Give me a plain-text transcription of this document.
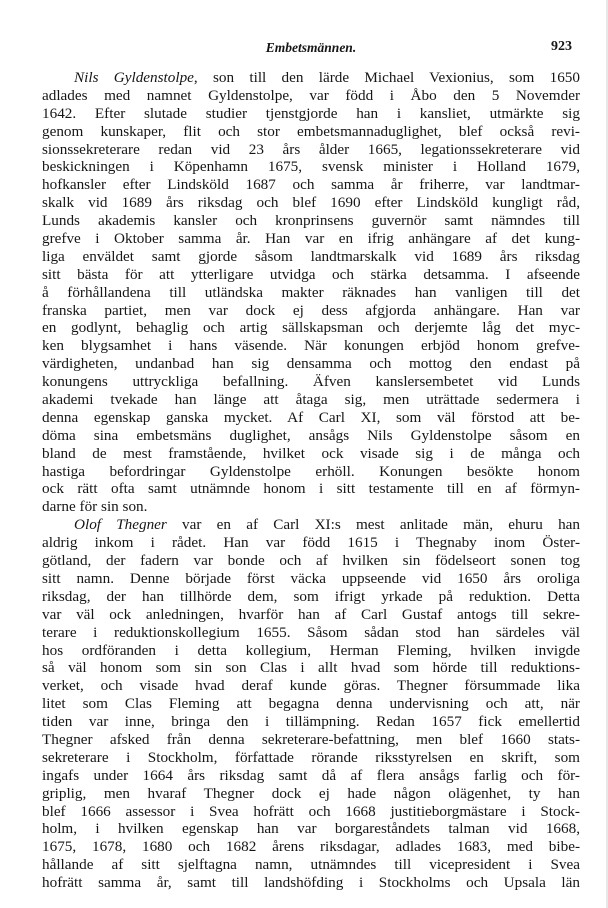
Embetsmännen.	923
Nils Gyldenstolpe, son till den lärde Michael Vexionius, som 1650
adlades med namnet Gyldenstolpe, var född i Åbo den 5 Novemder
1642. Efter slutade studier tjenstgjorde han i kansliet, utmärkte sig
genom kunskaper, flit och stor embetsmannaduglighet, blef också revi-
sionssekreterare redan vid 23 års ålder 1665, legationssekreterare vid
beskickningen i Köpenhamn 1675, svensk minister i Holland 1679,
hofkansler efter Lindsköld 1687 och samma år friherre, var landtmar-
skalk vid 1689 års riksdag och blef 1690 efter Lindsköld kungligt råd,
Lunds akademis kansler och kronprinsens guvernör samt nämndes till
grefve i Oktober samma år. Han var en ifrig anhängare af det kung-
liga enväldet samt gjorde såsom landtmarskalk vid 1689 års riksdag
sitt bästa för att ytterligare utvidga och stärka detsamma. I afseende
å förhållandena till utländska makter räknades han vanligen till det
franska partiet, men var dock ej dess afgjorda anhängare. Han var
en godlynt, behaglig och artig sällskapsman och derjemte låg det myc-
ken blygsamhet i hans väsende. När konungen erbjöd honom grefve-
värdigheten, undanbad han sig densamma och mottog den endast på
konungens uttryckliga befallning. Äfven kanslersembetet vid Lunds
akademi tvekade han länge att åtaga sig, men uträttade sedermera i
denna egenskap ganska mycket. Af Carl XI, som väl förstod att be-
döma sina embetsmäns duglighet, ansågs Nils Gyldenstolpe såsom en
bland de mest framstående, hvilket ock visade sig i de många och
hastiga befordringar Gyldenstolpe erhöll. Konungen besökte honom
ock rätt ofta samt utnämnde honom i sitt testamente till en af förmyn-
darne för sin son.
Olof Thegner var en af Carl XI:s mest anlitade män, ehuru han
aldrig inkom i rådet. Han var född 1615 i Thegnaby inom Öster-
götland, der fadern var bonde och af hvilken sin födelseort sonen tog
sitt namn. Denne började först väcka uppseende vid 1650 års oroliga
riksdag, der han tillhörde dem, som ifrigt yrkade på reduktion. Detta
var väl ock anledningen, hvarför han af Carl Gustaf antogs till sekre-
terare i reduktionskollegium 1655. Såsom sådan stod han särdeles väl
hos ordföranden i detta kollegium, Herman Fleming, hvilken invigde
så väl honom som sin son Clas i allt hvad som hörde till reduktions-
verket, och visade hvad deraf kunde göras. Thegner försummade lika
litet som Clas Fleming att begagna denna undervisning och att, när
tiden var inne, bringa den i tillämpning. Redan 1657 fick emellertid
Thegner afsked från denna sekreterare-befattning, men blef 1660 stats-
sekreterare i Stockholm, författade rörande riksstyrelsen en skrift, som
ingafs under 1664 års riksdag samt då af flera ansågs farlig och för-
griplig, men hvaraf Thegner dock ej hade någon olägenhet, ty han
blef 1666 assessor i Svea hofrätt och 1668 justitieborgmästare i Stock-
holm, i hvilken egenskap han var borgareståndets talman vid 1668,
1675, 1678, 1680 och 1682 årens riksdagar, adlades 1683, med bibe-
hållande af sitt sjelftagna namn, utnämndes till vicepresident i Svea
hofrätt samma år, samt till landshöfding i Stockholms och Upsala län
